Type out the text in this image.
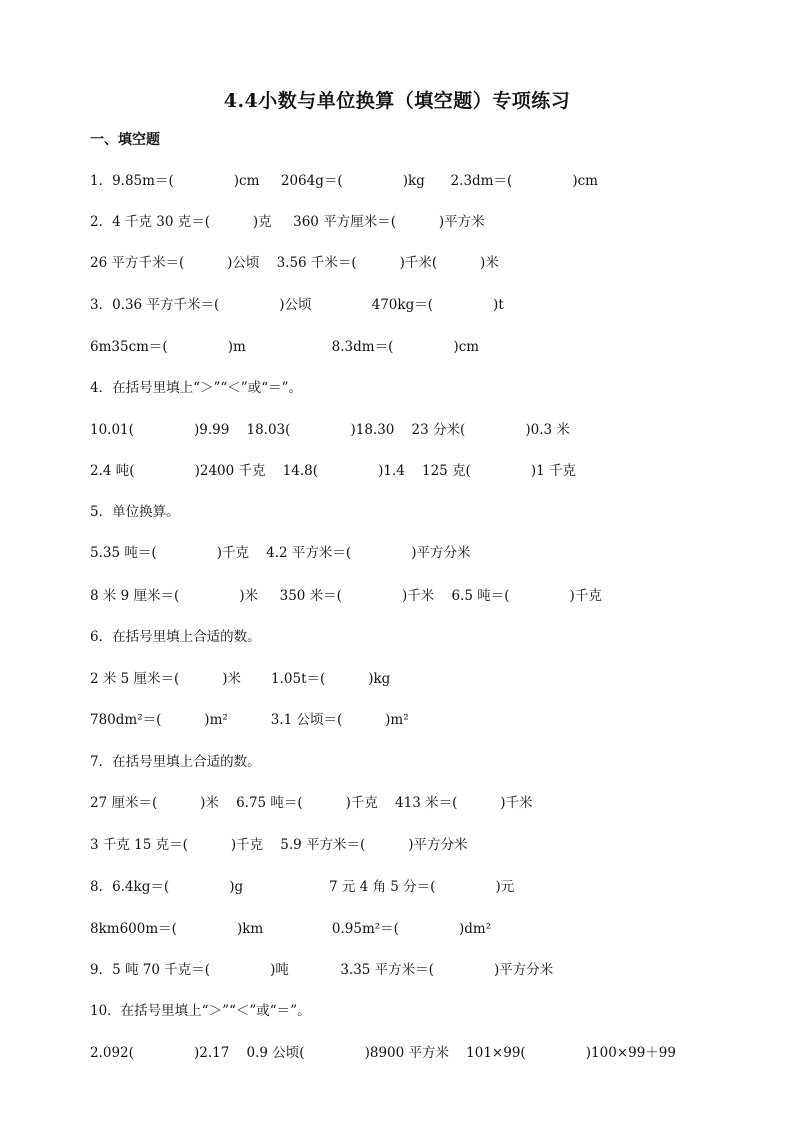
4.4小数与单位换算（填空题）专项练习
一、填空题
1．9.85m＝(              )cm     2064g＝(              )kg      2.3dm＝(              )cm
2．4 千克 30 克＝(          )克     360 平方厘米＝(          )平方米
26 平方千米＝(          )公顷    3.56 千米＝(          )千米(          )米
3．0.36 平方千米＝(              )公顷              470kg＝(              )t
6m35cm＝(              )m                    8.3dm＝(              )cm
4．在括号里填上“＞”“＜”或“＝”。
10.01(              )9.99    18.03(              )18.30    23 分米(              )0.3 米
2.4 吨(              )2400 千克    14.8(              )1.4    125 克(              )1 千克
5．单位换算。
5.35 吨＝(              )千克    4.2 平方米＝(              )平方分米
8 米 9 厘米＝(              )米     350 米＝(              )千米    6.5 吨＝(              )千克
6．在括号里填上合适的数。
2 米 5 厘米＝(          )米       1.05t＝(          )kg
780dm²＝(          )m²          3.1 公顷＝(          )m²
7．在括号里填上合适的数。
27 厘米＝(          )米    6.75 吨＝(          )千克    413 米＝(          )千米
3 千克 15 克＝(          )千克    5.9 平方米＝(          )平方分米
8．6.4kg＝(              )g                    7 元 4 角 5 分＝(              )元
8km600m＝(              )km                0.95m²＝(              )dm²
9．5 吨 70 千克＝(              )吨            3.35 平方米＝(              )平方分米
10．在括号里填上“＞”“＜”或“＝”。
2.092(              )2.17    0.9 公顷(              )8900 平方米    101×99(              )100×99＋99
